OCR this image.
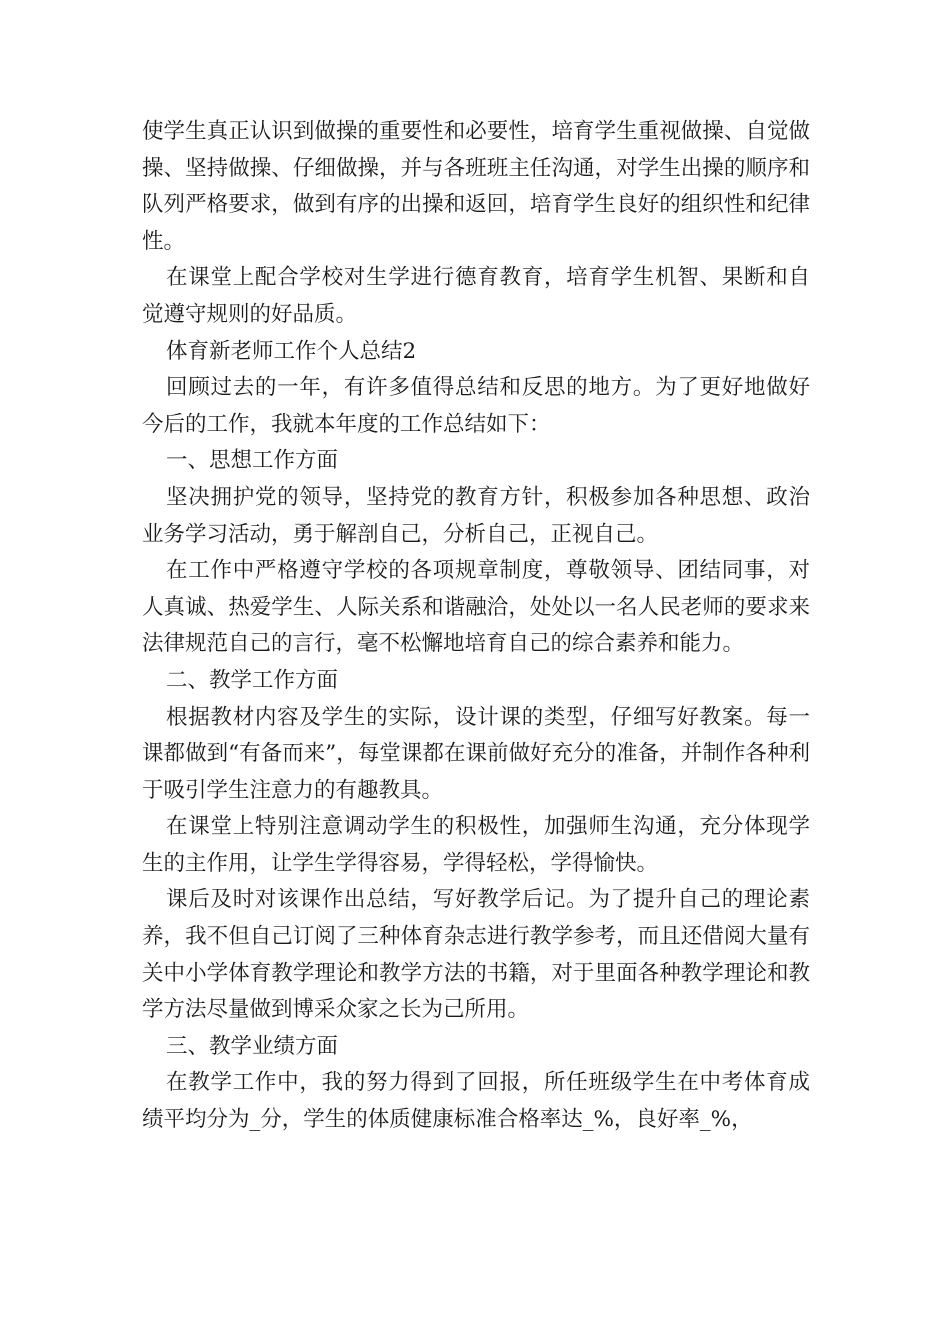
使学生真正认识到做操的重要性和必要性，培育学生重视做操、自觉做操、坚持做操、仔细做操，并与各班班主任沟通，对学生出操的顺序和队列严格要求，做到有序的出操和返回，培育学生良好的组织性和纪律性。

在课堂上配合学校对生学进行德育教育，培育学生机智、果断和自觉遵守规则的好品质。

体育新老师工作个人总结2

回顾过去的一年，有许多值得总结和反思的地方。为了更好地做好今后的工作，我就本年度的工作总结如下：

一、思想工作方面

坚决拥护党的领导，坚持党的教育方针，积极参加各种思想、政治业务学习活动，勇于解剖自己，分析自己，正视自己。

在工作中严格遵守学校的各项规章制度，尊敬领导、团结同事，对人真诚、热爱学生、人际关系和谐融洽，处处以一名人民老师的要求来法律规范自己的言行，毫不松懈地培育自己的综合素养和能力。

二、教学工作方面

根据教材内容及学生的实际，设计课的类型，仔细写好教案。每一课都做到“有备而来”，每堂课都在课前做好充分的准备，并制作各种利于吸引学生注意力的有趣教具。

在课堂上特别注意调动学生的积极性，加强师生沟通，充分体现学生的主作用，让学生学得容易，学得轻松，学得愉快。

课后及时对该课作出总结，写好教学后记。为了提升自己的理论素养，我不但自己订阅了三种体育杂志进行教学参考，而且还借阅大量有关中小学体育教学理论和教学方法的书籍，对于里面各种教学理论和教学方法尽量做到博采众家之长为己所用。

三、教学业绩方面

在教学工作中，我的努力得到了回报，所任班级学生在中考体育成绩平均分为_分，学生的体质健康标准合格率达_%，良好率_%，
